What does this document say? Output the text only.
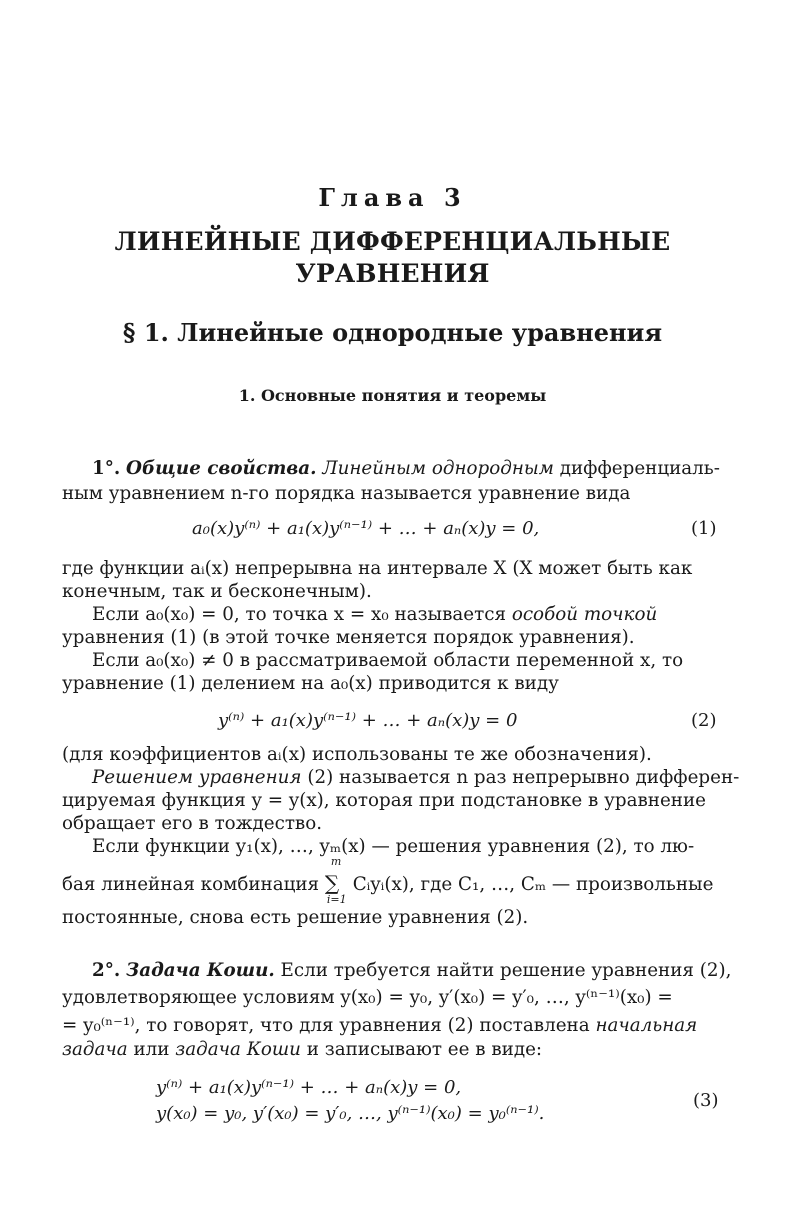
Глава 3
ЛИНЕЙНЫЕ ДИФФЕРЕНЦИАЛЬНЫЕ
УРАВНЕНИЯ
§ 1. Линейные однородные уравнения
1. Основные понятия и теоремы
1°. Общие свойства. Линейным однородным дифференциаль-
ным уравнением n-го порядка называется уравнение вида
a₀(x)y⁽ⁿ⁾ + a₁(x)y⁽ⁿ⁻¹⁾ + … + aₙ(x)y = 0,	(1)
где функции aᵢ(x) непрерывна на интервале X (X может быть как
конечным, так и бесконечным).
Если a₀(x₀) = 0, то точка x = x₀ называется особой точкой
уравнения (1) (в этой точке меняется порядок уравнения).
Если a₀(x₀) ≠ 0 в рассматриваемой области переменной x, то
уравнение (1) делением на a₀(x) приводится к виду
y⁽ⁿ⁾ + a₁(x)y⁽ⁿ⁻¹⁾ + … + aₙ(x)y = 0	(2)
(для коэффициентов aᵢ(x) использованы те же обозначения).
Решением уравнения (2) называется n раз непрерывно дифферен-
цируемая функция y = y(x), которая при подстановке в уравнение
обращает его в тождество.
Если функции y₁(x), …, yₘ(x) — решения уравнения (2), то лю-
бая линейная комбинация
m
∑
i=1
Cᵢyᵢ(x), где C₁, …, Cₘ — произвольные
постоянные, снова есть решение уравнения (2).
2°. Задача Коши. Если требуется найти решение уравнения (2),
удовлетворяющее условиям y(x₀) = y₀, y′(x₀) = y′₀, …, y⁽ⁿ⁻¹⁾(x₀) =
= y₀⁽ⁿ⁻¹⁾, то говорят, что для уравнения (2) поставлена начальная
задача или задача Коши и записывают ее в виде:
y⁽ⁿ⁾ + a₁(x)y⁽ⁿ⁻¹⁾ + … + aₙ(x)y = 0,
y(x₀) = y₀, y′(x₀) = y′₀, …, y⁽ⁿ⁻¹⁾(x₀) = y₀⁽ⁿ⁻¹⁾.
(3)
